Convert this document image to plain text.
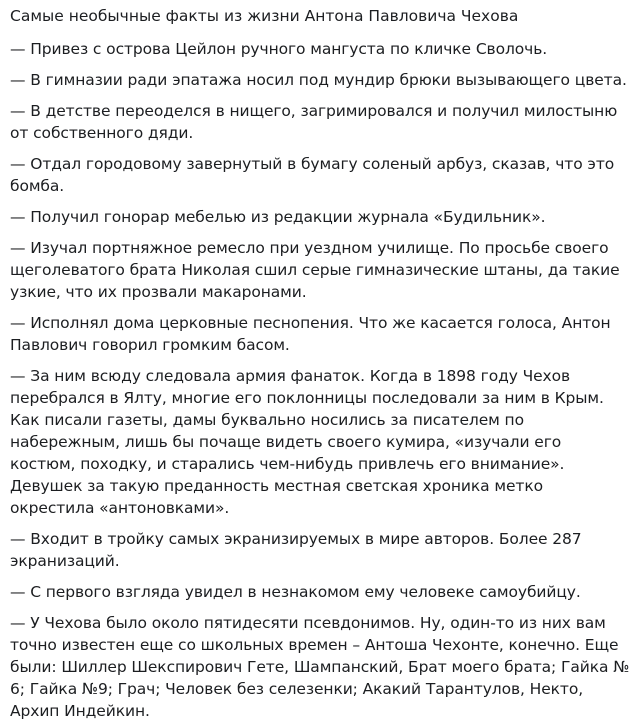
Самые необычные факты из жизни Антона Павловича Чехова
— Привез с острова Цейлон ручного мангуста по кличке Сволочь.
— В гимназии ради эпатажа носил под мундир брюки вызывающего цвета.
— В детстве переоделся в нищего, загримировался и получил милостыню от собственного дяди.
— Отдал городовому завернутый в бумагу соленый арбуз, сказав, что это бомба.
— Получил гонорар мебелью из редакции журнала «Будильник».
— Изучал портняжное ремесло при уездном училище. По просьбе своего щеголеватого брата Николая сшил серые гимназические штаны, да такие узкие, что их прозвали макаронами.
— Исполнял дома церковные песнопения. Что же касается голоса, Антон Павлович говорил громким басом.
— За ним всюду следовала армия фанаток. Когда в 1898 году Чехов перебрался в Ялту, многие его поклонницы последовали за ним в Крым. Как писали газеты, дамы буквально носились за писателем по набережным, лишь бы почаще видеть своего кумира, «изучали его костюм, походку, и старались чем-нибудь привлечь его внимание». Девушек за такую преданность местная светская хроника метко окрестила «антоновками».
— Входит в тройку самых экранизируемых в мире авторов. Более 287 экранизаций.
— С первого взгляда увидел в незнакомом ему человеке самоубийцу.
— У Чехова было около пятидесяти псевдонимов. Ну, один-то из них вам точно известен еще со школьных времен – Антоша Чехонте, конечно. Еще были: Шиллер Шекспирович Гете, Шампанский, Брат моего брата; Гайка № 6; Гайка №9; Грач; Человек без селезенки; Акакий Тарантулов, Некто, Архип Индейкин.
